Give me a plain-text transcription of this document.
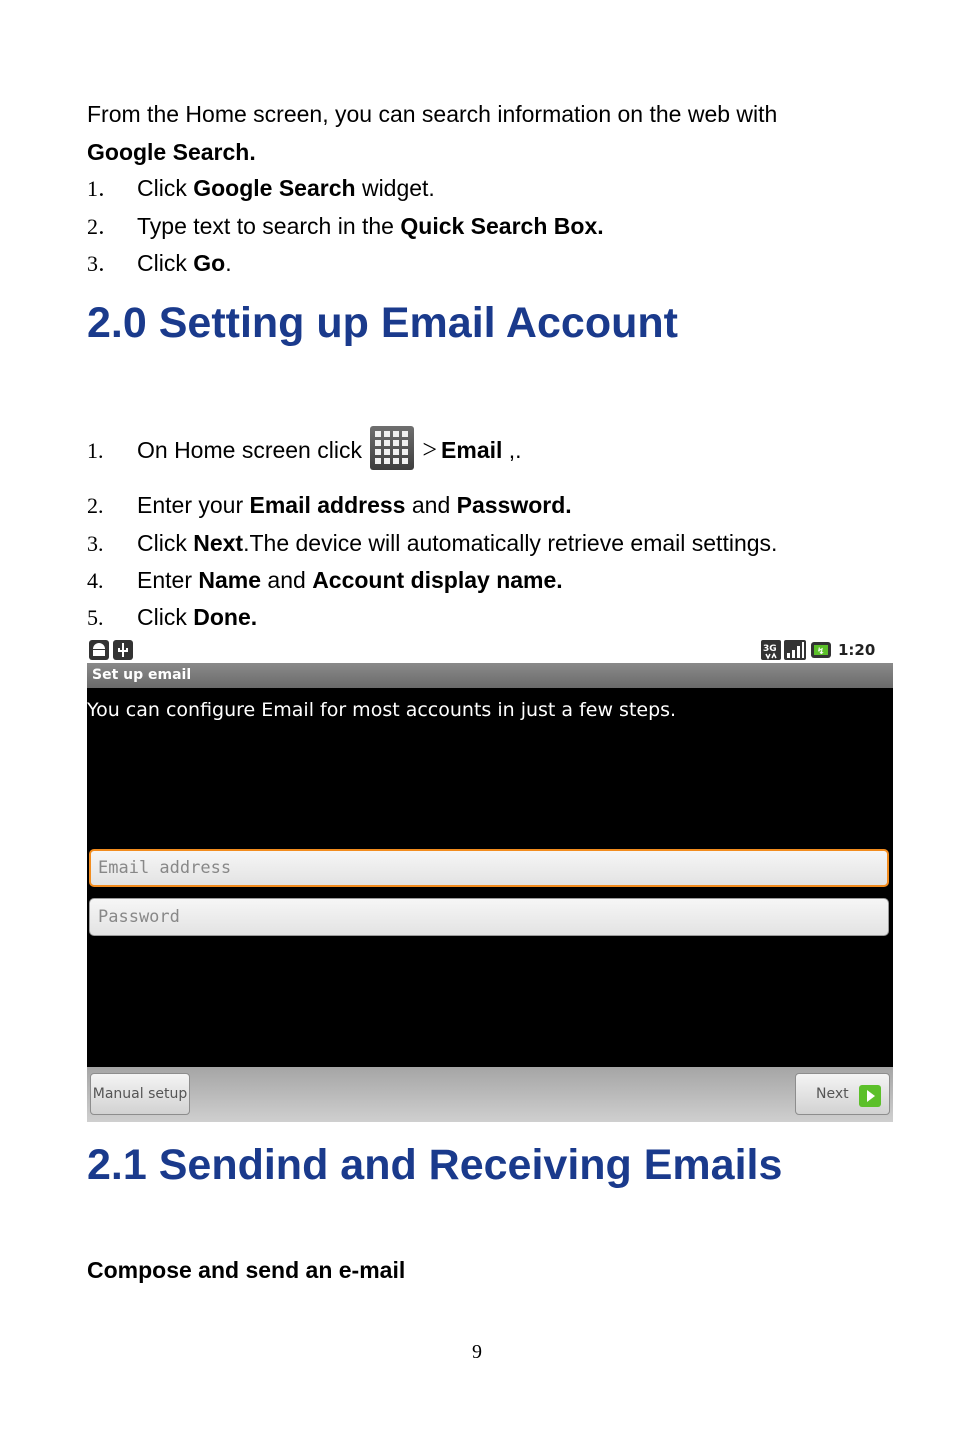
From the Home screen, you can search information on the web with
Google Search.
1． Click Google Search widget.
2． Type text to search in the Quick Search Box.
3． Click Go.
2.0 Setting up Email Account
1. On Home screen click
> Email ,.
2. Enter your Email address and Password.
3. Click Next.The device will automatically retrieve email settings.
4. Enter Name and Account display name.
5. Click Done.
3G	↯ 1:20
Set up email
You can configure Email for most accounts in just a few steps.
Email address
Password
Manual setup	Next
2.1 Sendind and Receiving Emails
Compose and send an e-mail
9
